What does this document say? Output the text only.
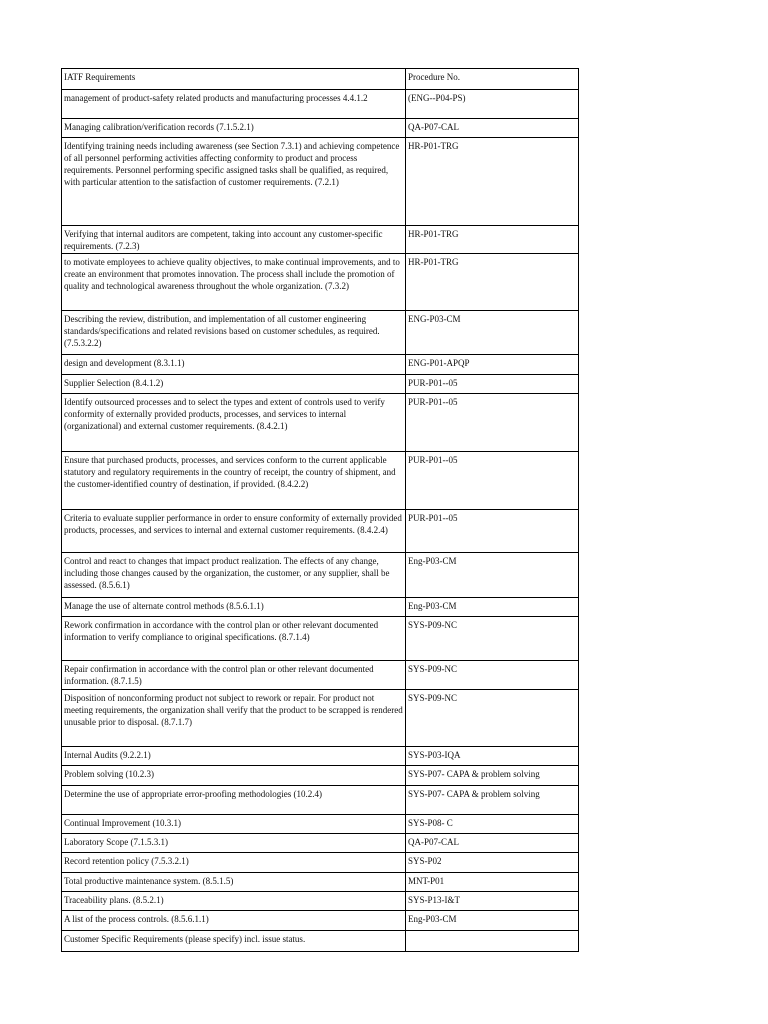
IATF Requirements	Procedure No.
management of product-safety related products and manufacturing processes 4.4.1.2	(ENG--P04-PS)
Managing calibration/verification records (7.1.5.2.1)	QA-P07-CAL
Identifying training needs including awareness (see Section 7.3.1) and achieving competence of all personnel performing activities affecting conformity to product and process requirements. Personnel performing specific assigned tasks shall be qualified, as required, with particular attention to the satisfaction of customer requirements. (7.2.1)	HR-P01-TRG
Verifying that internal auditors are competent, taking into account any customer-specific requirements. (7.2.3)	HR-P01-TRG
to motivate employees to achieve quality objectives, to make continual improvements, and to create an environment that promotes innovation. The process shall include the promotion of quality and technological awareness throughout the whole organization. (7.3.2)	HR-P01-TRG
Describing the review, distribution, and implementation of all customer engineering standards/specifications and related revisions based on customer schedules, as required. (7.5.3.2.2)	ENG-P03-CM
design and development (8.3.1.1)	ENG-P01-APQP
Supplier Selection (8.4.1.2)	PUR-P01--05
Identify outsourced processes and to select the types and extent of controls used to verify conformity of externally provided products, processes, and services to internal (organizational) and external customer requirements. (8.4.2.1)	PUR-P01--05
Ensure that purchased products, processes, and services conform to the current applicable statutory and regulatory requirements in the country of receipt, the country of shipment, and the customer-identified country of destination, if provided. (8.4.2.2)	PUR-P01--05
Criteria to evaluate supplier performance in order to ensure conformity of externally provided products, processes, and services to internal and external customer requirements. (8.4.2.4)	PUR-P01--05
Control and react to changes that impact product realization. The effects of any change, including those changes caused by the organization, the customer, or any supplier, shall be assessed. (8.5.6.1)	Eng-P03-CM
Manage the use of alternate control methods (8.5.6.1.1)	Eng-P03-CM
Rework confirmation in accordance with the control plan or other relevant documented information to verify compliance to original specifications. (8.7.1.4)	SYS-P09-NC
Repair confirmation in accordance with the control plan or other relevant documented information. (8.7.1.5)	SYS-P09-NC
Disposition of nonconforming product not subject to rework or repair. For product not meeting requirements, the organization shall verify that the product to be scrapped is rendered unusable prior to disposal. (8.7.1.7)	SYS-P09-NC
Internal Audits (9.2.2.1)	SYS-P03-IQA
Problem solving (10.2.3)	SYS-P07- CAPA & problem solving
Determine the use of appropriate error-proofing methodologies (10.2.4)	SYS-P07- CAPA & problem solving
Continual Improvement (10.3.1)	SYS-P08- C
Laboratory Scope (7.1.5.3.1)	QA-P07-CAL
Record retention policy (7.5.3.2.1)	SYS-P02
Total productive maintenance system. (8.5.1.5)	MNT-P01
Traceability plans. (8.5.2.1)	SYS-P13-I&T
A list of the process controls. (8.5.6.1.1)	Eng-P03-CM
Customer Specific Requirements (please specify) incl. issue status.	
